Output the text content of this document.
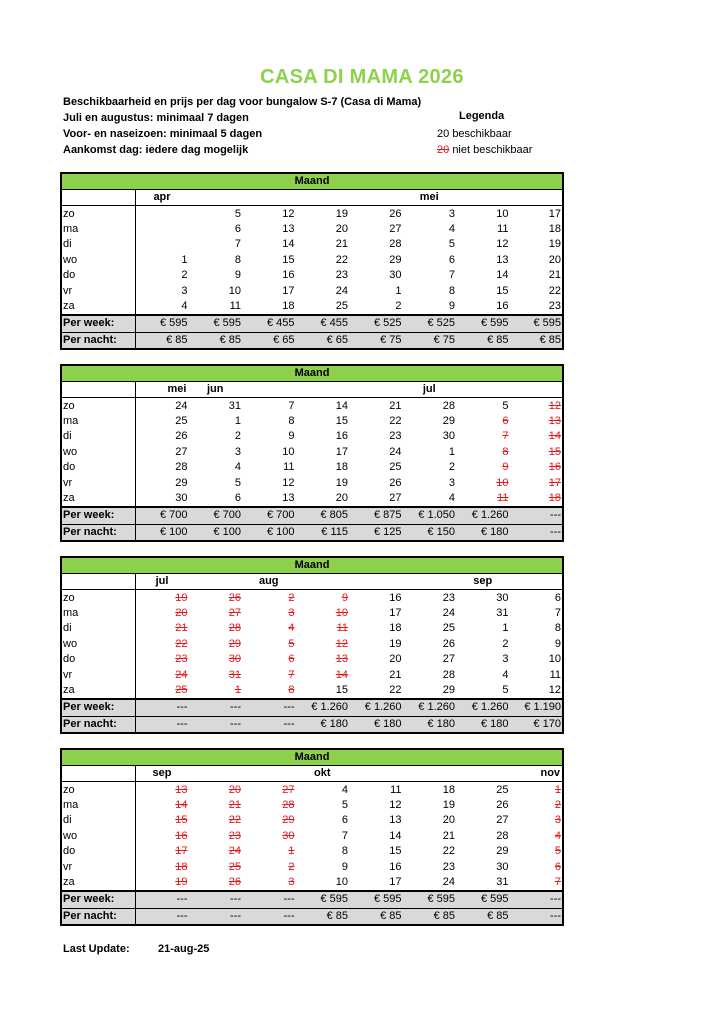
CASA DI MAMA 2026
Beschikbaarheid en prijs per dag voor bungalow S-7 (Casa di Mama)
Juli en augustus: minimaal 7 dagen
Voor- en naseizoen: minimaal 5 dagen
Aankomst dag: iedere dag mogelijk
Legenda
20 beschikbaar
20 niet beschikbaar
Maand								
	apr					mei		
zo		5	12	19	26	3	10	17
ma		6	13	20	27	4	11	18
di		7	14	21	28	5	12	19
wo	1	8	15	22	29	6	13	20
do	2	9	16	23	30	7	14	21
vr	3	10	17	24	1	8	15	22
za	4	11	18	25	2	9	16	23
Per week:	€ 595	€ 595	€ 455	€ 455	€ 525	€ 525	€ 595	€ 595
Per nacht:	€ 85	€ 85	€ 65	€ 65	€ 75	€ 75	€ 85	€ 85
Maand								
	mei	jun				jul		
zo	24	31	7	14	21	28	5	12
ma	25	1	8	15	22	29	6	13
di	26	2	9	16	23	30	7	14
wo	27	3	10	17	24	1	8	15
do	28	4	11	18	25	2	9	16
vr	29	5	12	19	26	3	10	17
za	30	6	13	20	27	4	11	18
Per week:	€ 700	€ 700	€ 700	€ 805	€ 875	€ 1.050	€ 1.260	---
Per nacht:	€ 100	€ 100	€ 100	€ 115	€ 125	€ 150	€ 180	---
Maand								
	jul		aug				sep	
zo	19	26	2	9	16	23	30	6
ma	20	27	3	10	17	24	31	7
di	21	28	4	11	18	25	1	8
wo	22	29	5	12	19	26	2	9
do	23	30	6	13	20	27	3	10
vr	24	31	7	14	21	28	4	11
za	25	1	8	15	22	29	5	12
Per week:	---	---	---	€ 1.260	€ 1.260	€ 1.260	€ 1.260	€ 1.190
Per nacht:	---	---	---	€ 180	€ 180	€ 180	€ 180	€ 170
Maand								
	sep			okt				nov
zo	13	20	27	4	11	18	25	1
ma	14	21	28	5	12	19	26	2
di	15	22	29	6	13	20	27	3
wo	16	23	30	7	14	21	28	4
do	17	24	1	8	15	22	29	5
vr	18	25	2	9	16	23	30	6
za	19	26	3	10	17	24	31	7
Per week:	---	---	---	€ 595	€ 595	€ 595	€ 595	---
Per nacht:	---	---	---	€ 85	€ 85	€ 85	€ 85	---
Last Update:	21-aug-25
